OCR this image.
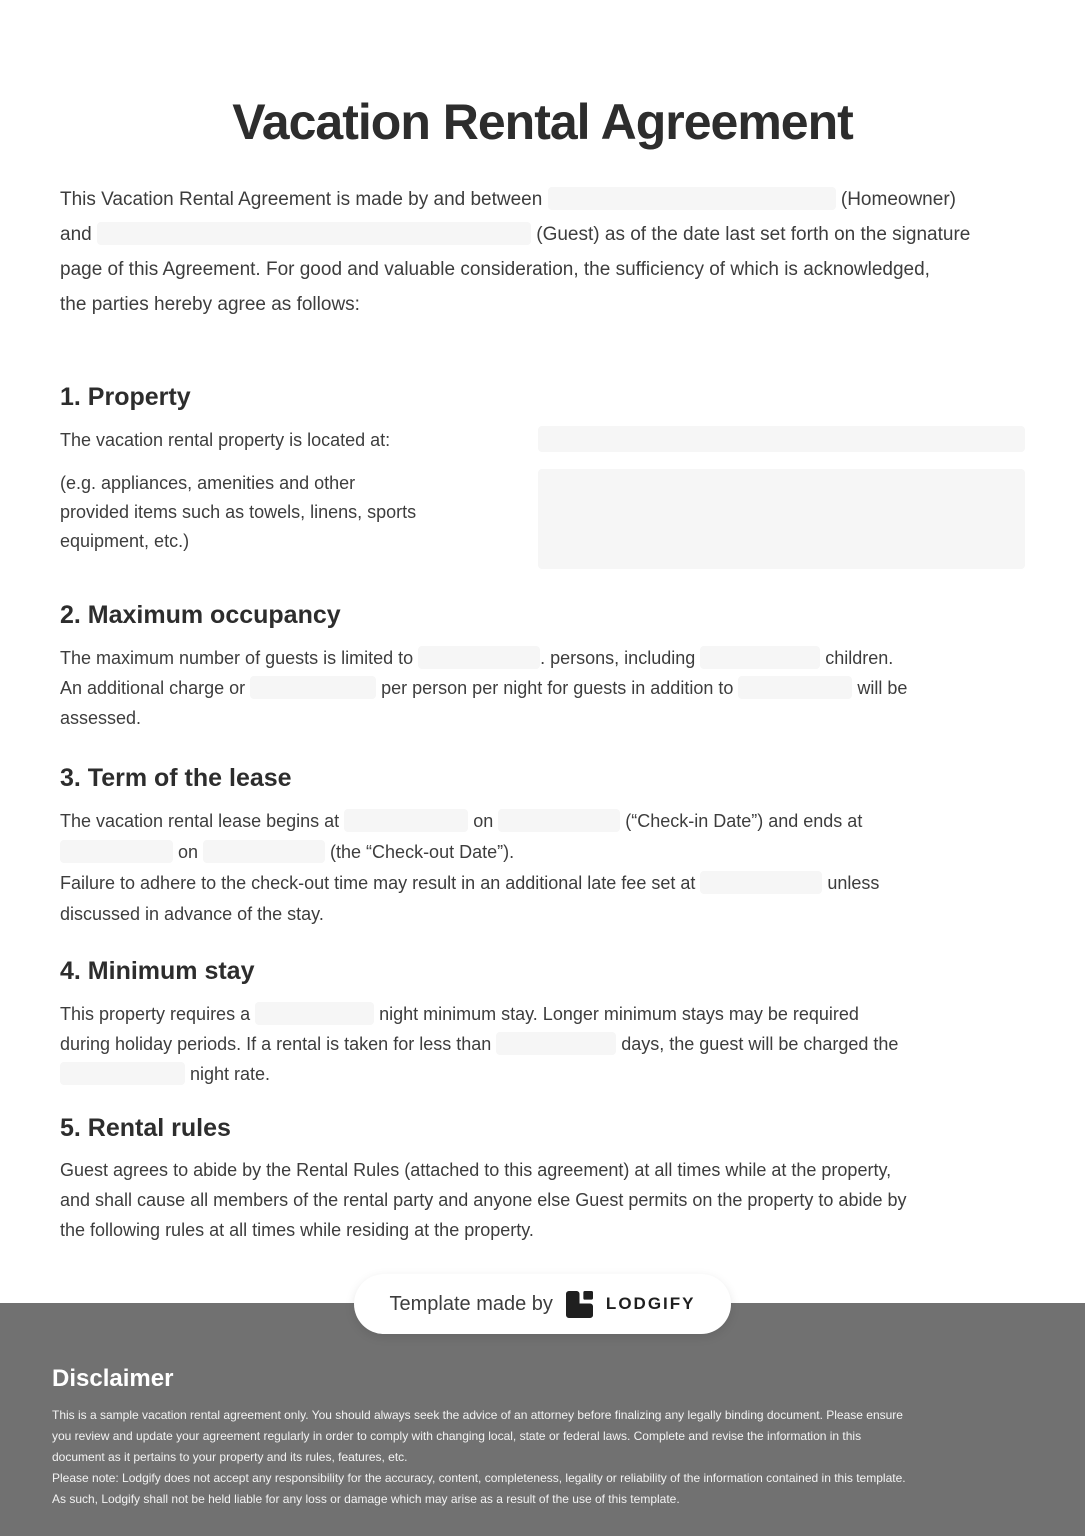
Vacation Rental Agreement

This Vacation Rental Agreement is made by and between	(Homeowner)
and	(Guest) as of the date last set forth on the signature
page of this Agreement. For good and valuable consideration, the sufficiency of which is acknowledged,
the parties hereby agree as follows:

1. Property
The vacation rental property is located at:
(e.g. appliances, amenities and other provided items such as towels, linens, sports equipment, etc.)
2. Maximum occupancy

The maximum number of guests is limited to	. persons, including	children.
An additional charge or	per person per night for guests in addition to	will be
assessed.

3. Term of the lease

The vacation rental lease begins at	on	(“Check-in Date”) and ends at
on	(the “Check-out Date”).
Failure to adhere to the check-out time may result in an additional late fee set at	unless
discussed in advance of the stay.

4. Minimum stay

This property requires a	night minimum stay. Longer minimum stays may be required
during holiday periods. If a rental is taken for less than	days, the guest will be charged the
night rate.

5. Rental rules

Guest agrees to abide by the Rental Rules (attached to this agreement) at all times while at the property,
and shall cause all members of the rental party and anyone else Guest permits on the property to abide by
the following rules at all times while residing at the property.

Template made by	LODGIFY
Disclaimer
This is a sample vacation rental agreement only. You should always seek the advice of an attorney before finalizing any legally binding document. Please ensure
you review and update your agreement regularly in order to comply with changing local, state or federal laws. Complete and revise the information in this
document as it pertains to your property and its rules, features, etc.
Please note: Lodgify does not accept any responsibility for the accuracy, content, completeness, legality or reliability of the information contained in this template.
As such, Lodgify shall not be held liable for any loss or damage which may arise as a result of the use of this template.
